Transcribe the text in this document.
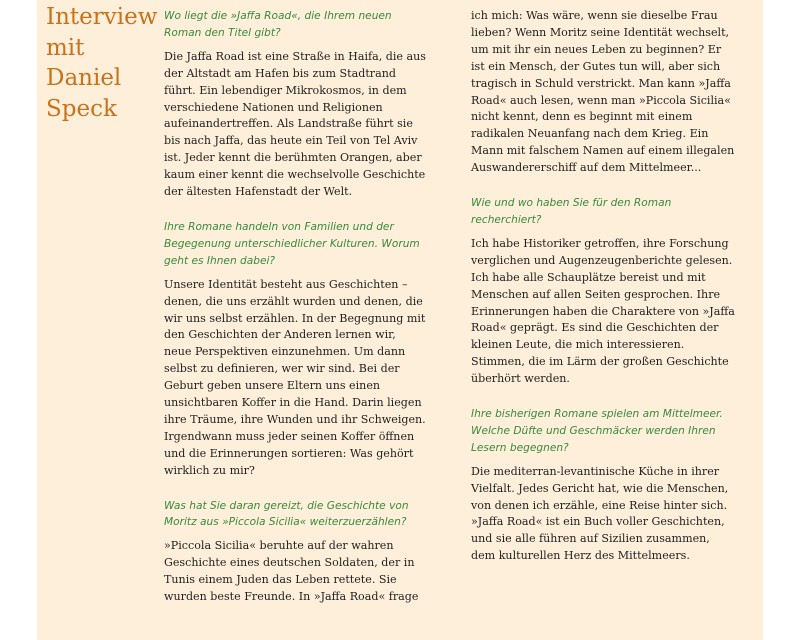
Interview mit Daniel Speck

Wo liegt die »Jaffa Road«, die Ihrem neuen Roman den Titel gibt?

Die Jaffa Road ist eine Straße in Haifa, die aus der Altstadt am Hafen bis zum Stadtrand führt. Ein lebendiger Mikrokosmos, in dem verschiedene Nationen und Religionen aufeinandertreffen. Als Landstraße führt sie bis nach Jaffa, das heute ein Teil von Tel Aviv ist. Jeder kennt die berühmten Orangen, aber kaum einer kennt die wechselvolle Geschichte der ältesten Hafenstadt der Welt.

Ihre Romane handeln von Familien und der Begegenung unterschiedlicher Kulturen. Worum geht es Ihnen dabei?

Unsere Identität besteht aus Geschichten – denen, die uns erzählt wurden und denen, die wir uns selbst erzählen. In der Begegnung mit den Geschichten der Anderen lernen wir, neue Perspektiven einzunehmen. Um dann selbst zu definieren, wer wir sind. Bei der Geburt geben unsere Eltern uns einen unsichtbaren Koffer in die Hand. Darin liegen ihre Träume, ihre Wunden und ihr Schweigen. Irgendwann muss jeder seinen Koffer öffnen und die Erinnerungen sortieren: Was gehört wirklich zu mir?

Was hat Sie daran gereizt, die Geschichte von Moritz aus »Piccola Sicilia« weiterzuerzählen?

»Piccola Sicilia« beruhte auf der wahren Geschichte eines deutschen Soldaten, der in Tunis einem Juden das Leben rettete. Sie wurden beste Freunde. In »Jaffa Road« frage

ich mich: Was wäre, wenn sie dieselbe Frau lieben? Wenn Moritz seine Identität wechselt, um mit ihr ein neues Leben zu beginnen? Er ist ein Mensch, der Gutes tun will, aber sich tragisch in Schuld verstrickt. Man kann »Jaffa Road« auch lesen, wenn man »Piccola Sicilia« nicht kennt, denn es beginnt mit einem radikalen Neuanfang nach dem Krieg. Ein Mann mit falschem Namen auf einem illegalen Auswandererschiff auf dem Mittelmeer...

Wie und wo haben Sie für den Roman recherchiert?

Ich habe Historiker getroffen, ihre Forschung verglichen und Augenzeugenberichte gelesen. Ich habe alle Schauplätze bereist und mit Menschen auf allen Seiten gesprochen. Ihre Erinnerungen haben die Charaktere von »Jaffa Road« geprägt. Es sind die Geschichten der kleinen Leute, die mich interessieren. Stimmen, die im Lärm der großen Geschichte überhört werden.

Ihre bisherigen Romane spielen am Mittelmeer. Welche Düfte und Geschmäcker werden Ihren Lesern begegnen?

Die mediterran-levantinische Küche in ihrer Vielfalt. Jedes Gericht hat, wie die Menschen, von denen ich erzähle, eine Reise hinter sich. »Jaffa Road« ist ein Buch voller Geschichten, und sie alle führen auf Sizilien zusammen, dem kulturellen Herz des Mittelmeers.
